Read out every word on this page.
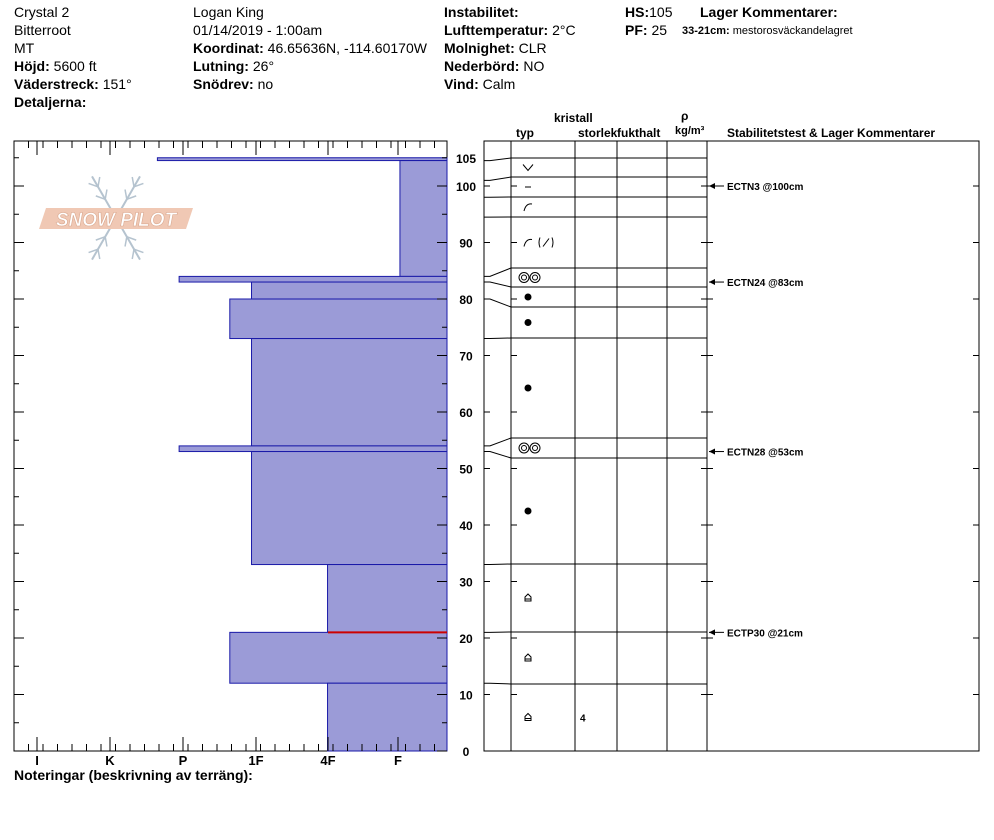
Crystal 2
Bitterroot
MT
Höjd: 5600 ft
Väderstreck: 151°
Detaljerna:
Logan King
01/14/2019 - 1:00am
Koordinat: 46.65636N, -114.60170W
Lutning: 26°
Snödrev: no
Instabilitet:
Lufttemperatur: 2°C
Molnighet: CLR
Nederbörd: NO
Vind: Calm
HS:105
PF: 25
Lager Kommentarer:
33-21cm: mestorosväckandelagret
Noteringar (beskrivning av terräng):
SNOW PILOT
I	K	P	1F	4F	F
0
10
20
30
40
50
60
70
80
90
100
105
4
ECTN3 @100cm
ECTN24 @83cm
ECTN28 @53cm
ECTP30 @21cm
kristall
typ	storlek fukthalt
ρ
kg/m³ Stabilitetstest & Lager Kommentarer
